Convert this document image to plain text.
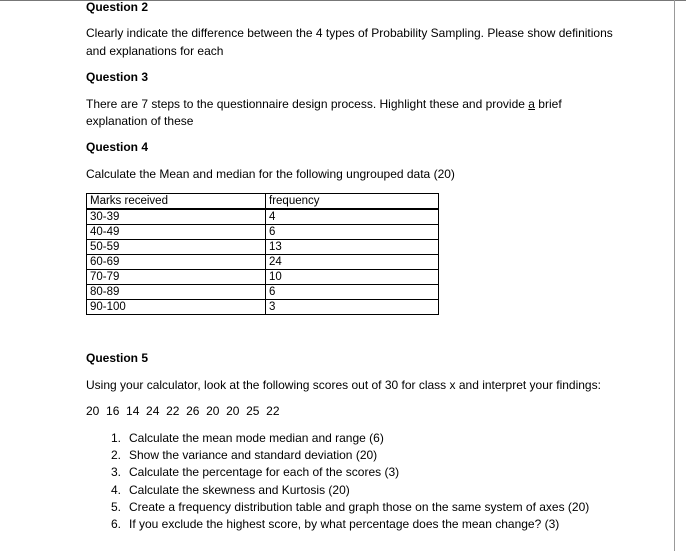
Question 2
Clearly indicate the difference between the 4 types of Probability Sampling. Please show definitions
and explanations for each
Question 3
There are 7 steps to the questionnaire design process. Highlight these and provide a brief
explanation of these
Question 4
Calculate the Mean and median for the following ungrouped data (20)
Marks received	frequency
30-39	4
40-49	6
50-59	13
60-69	24
70-79	10
80-89	6
90-100	3
Question 5
Using your calculator, look at the following scores out of 30 for class x and interpret your findings:
20  16  14  24  22  26  20  20  25  22
1. Calculate the mean mode median and range (6)
2. Show the variance and standard deviation (20)
3. Calculate the percentage for each of the scores (3)
4. Calculate the skewness and Kurtosis (20)
5. Create a frequency distribution table and graph those on the same system of axes (20)
6. If you exclude the highest score, by what percentage does the mean change? (3)
